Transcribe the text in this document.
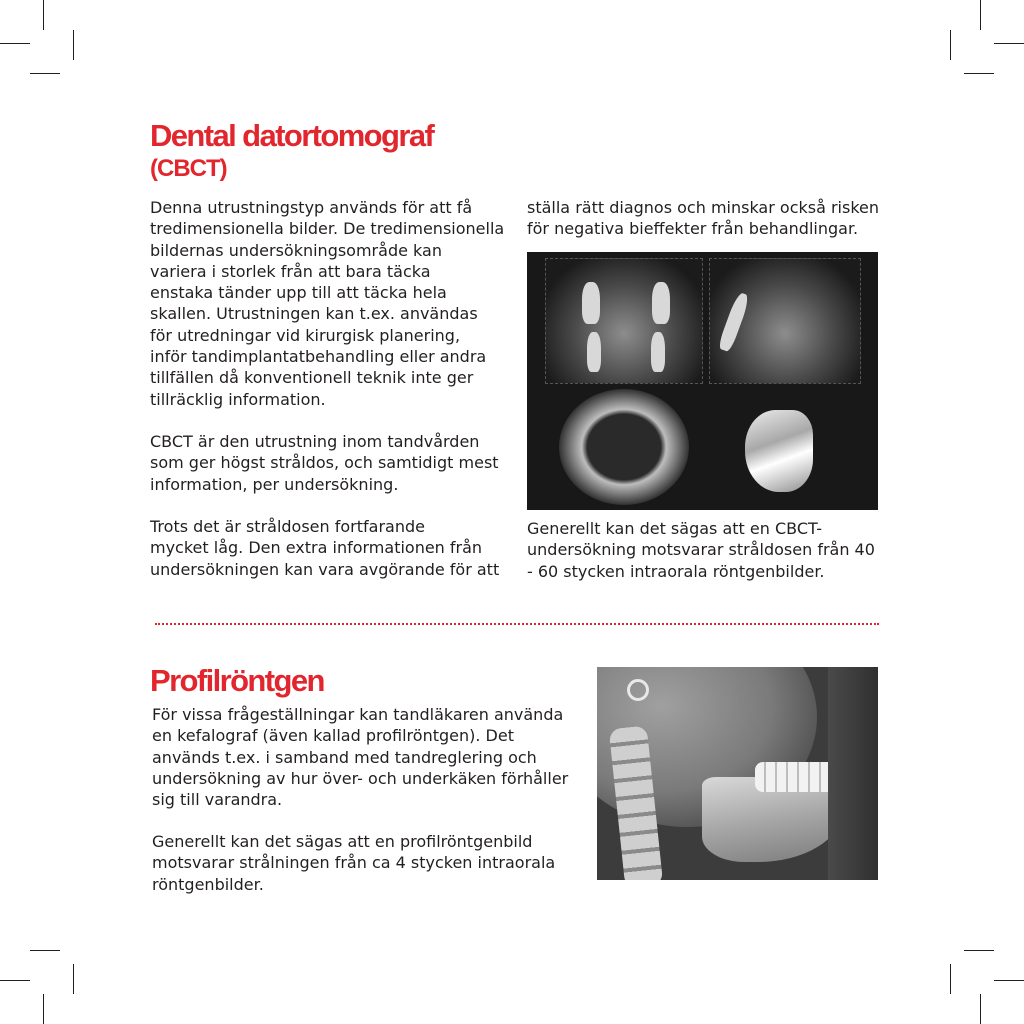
Dental datortomograf
(CBCT)

Denna utrustningstyp används för att få
tredimensionella bilder. De tredimensionella
bildernas undersökningsområde kan
variera i storlek från att bara täcka
enstaka tänder upp till att täcka hela
skallen. Utrustningen kan t.ex. användas
för utredningar vid kirurgisk planering,
inför tandimplantatbehandling eller andra
tillfällen då konventionell teknik inte ger
tillräcklig information.

CBCT är den utrustning inom tandvården
som ger högst stråldos, och samtidigt mest
information, per undersökning.

Trots det är stråldosen fortfarande
mycket låg. Den extra informationen från
undersökningen kan vara avgörande för att

ställa rätt diagnos och minskar också risken
för negativa bieffekter från behandlingar.

Generellt kan det sägas att en CBCT-
undersökning motsvarar stråldosen från 40
- 60 stycken intraorala röntgenbilder.

Profilröntgen

För vissa frågeställningar kan tandläkaren använda
en kefalograf (även kallad profilröntgen). Det
används t.ex. i samband med tandreglering och
undersökning av hur över- och underkäken förhåller
sig till varandra.

Generellt kan det sägas att en profilröntgenbild
motsvarar strålningen från ca 4 stycken intraorala
röntgenbilder.
